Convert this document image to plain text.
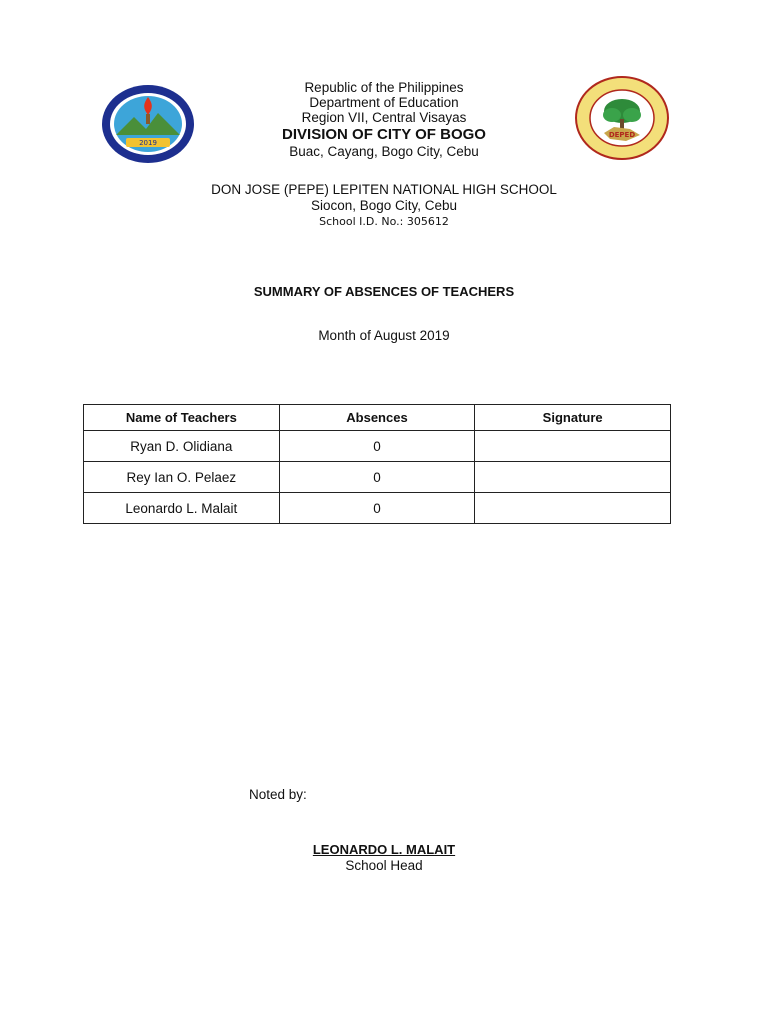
2019
DEPED
Republic of the Philippines
Department of Education
Region VII, Central Visayas
DIVISION OF CITY OF BOGO
Buac, Cayang, Bogo City, Cebu
DON JOSE (PEPE) LEPITEN NATIONAL HIGH SCHOOL
Siocon, Bogo City, Cebu
School I.D. No.: 305612
SUMMARY OF ABSENCES OF TEACHERS
Month of August 2019
Name of Teachers	Absences	Signature
Ryan D. Olidiana	0	
Rey Ian O. Pelaez	0	
Leonardo L. Malait	0	
Noted by:
LEONARDO L. MALAIT
School Head
